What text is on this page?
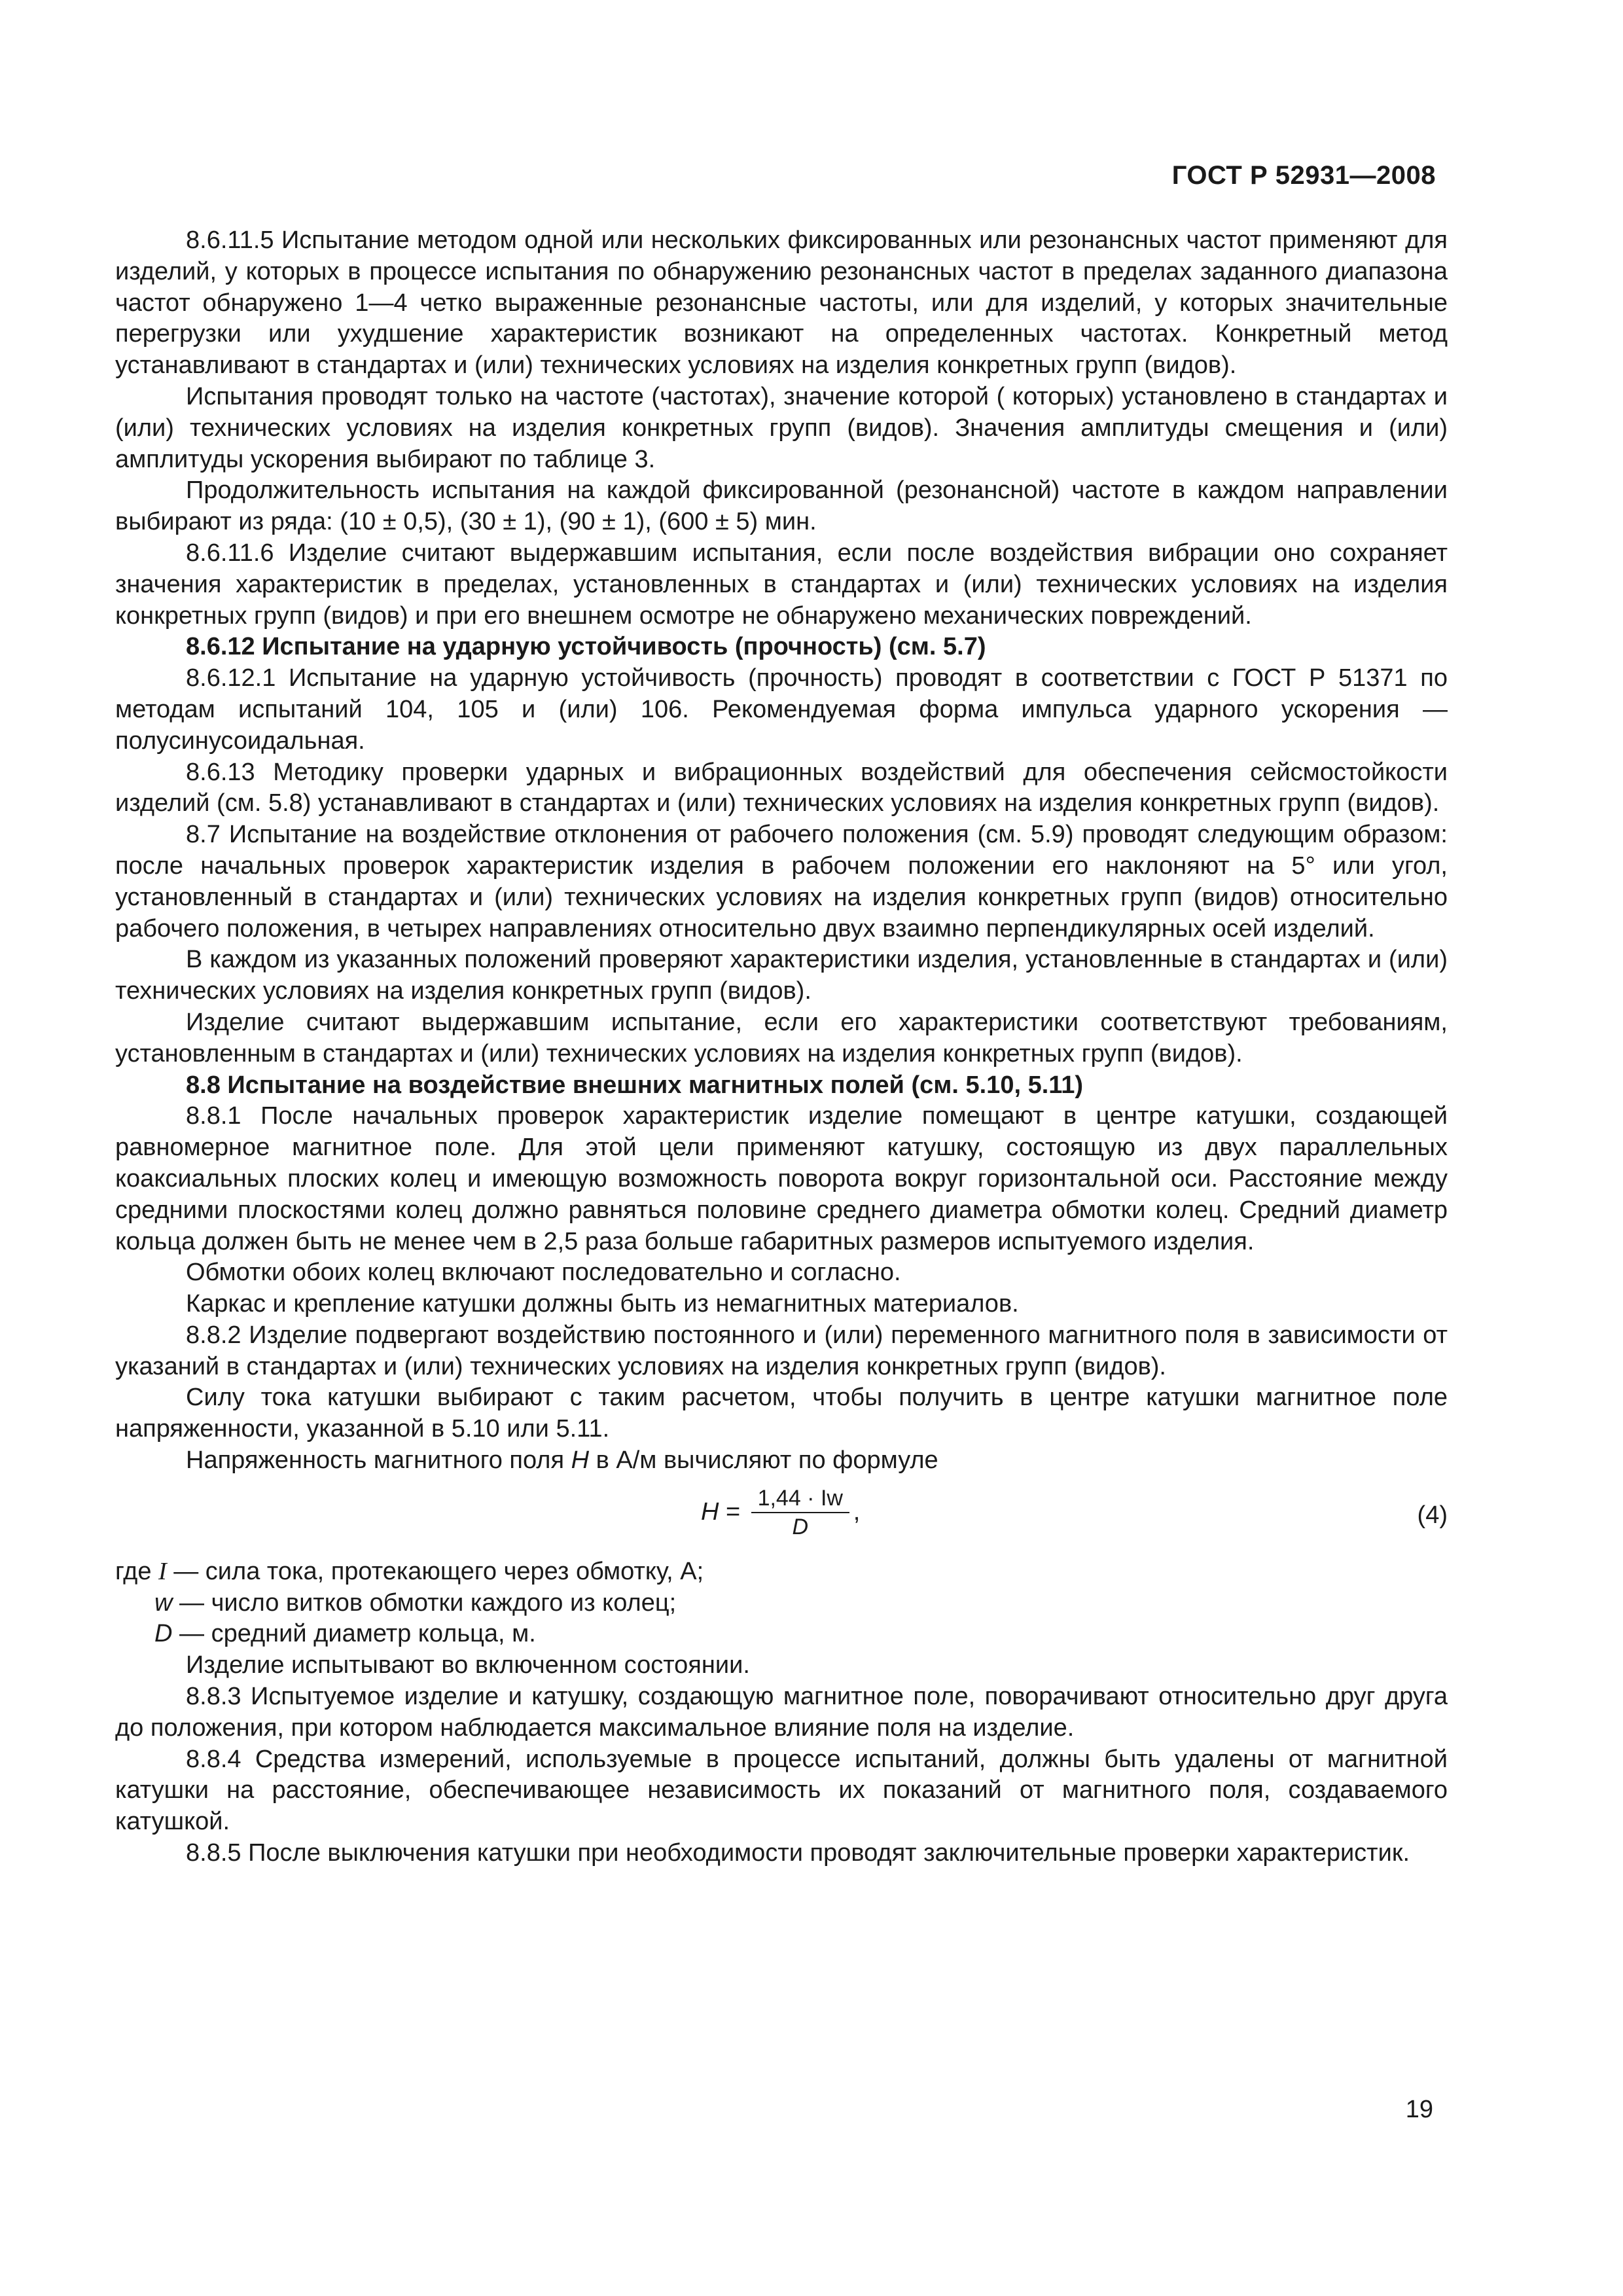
ГОСТ Р 52931—2008

8.6.11.5 Испытание методом одной или нескольких фиксированных или резонансных частот применяют для изделий, у которых в процессе испытания по обнаружению резонансных частот в пределах заданного диапазона частот обнаружено 1—4 четко выраженные резонансные частоты, или для изделий, у которых значительные перегрузки или ухудшение характеристик возникают на определенных частотах. Конкретный метод устанавливают в стандартах и (или) технических условиях на изделия конкретных групп (видов).

Испытания проводят только на частоте (частотах), значение которой ( которых) установлено в стандартах и (или) технических условиях на изделия конкретных групп (видов). Значения амплитуды смещения и (или) амплитуды ускорения выбирают по таблице 3.

Продолжительность испытания на каждой фиксированной (резонансной) частоте в каждом направлении выбирают из ряда: (10 ± 0,5), (30 ± 1), (90 ± 1), (600 ± 5) мин.

8.6.11.6 Изделие считают выдержавшим испытания, если после воздействия вибрации оно сохраняет значения характеристик в пределах, установленных в стандартах и (или) технических условиях на изделия конкретных групп (видов) и при его внешнем осмотре не обнаружено механических повреждений.

8.6.12 Испытание на ударную устойчивость (прочность) (см. 5.7)

8.6.12.1 Испытание на ударную устойчивость (прочность) проводят в соответствии с ГОСТ Р 51371 по методам испытаний 104, 105 и (или) 106. Рекомендуемая форма импульса ударного ускорения — полусинусоидальная.

8.6.13 Методику проверки ударных и вибрационных воздействий для обеспечения сейсмостойкости изделий (см. 5.8) устанавливают в стандартах и (или) технических условиях на изделия конкретных групп (видов).

8.7 Испытание на воздействие отклонения от рабочего положения (см. 5.9) проводят следующим образом: после начальных проверок характеристик изделия в рабочем положении его наклоняют на 5° или угол, установленный в стандартах и (или) технических условиях на изделия конкретных групп (видов) относительно рабочего положения, в четырех направлениях относительно двух взаимно перпендикулярных осей изделий.

В каждом из указанных положений проверяют характеристики изделия, установленные в стандартах и (или) технических условиях на изделия конкретных групп (видов).

Изделие считают выдержавшим испытание, если его характеристики соответствуют требованиям, установленным в стандартах и (или) технических условиях на изделия конкретных групп (видов).

8.8 Испытание на воздействие внешних магнитных полей (см. 5.10, 5.11)

8.8.1 После начальных проверок характеристик изделие помещают в центре катушки, создающей равномерное магнитное поле. Для этой цели применяют катушку, состоящую из двух параллельных коаксиальных плоских колец и имеющую возможность поворота вокруг горизонтальной оси. Расстояние между средними плоскостями колец должно равняться половине среднего диаметра обмотки колец. Средний диаметр кольца должен быть не менее чем в 2,5 раза больше габаритных размеров испытуемого изделия.

Обмотки обоих колец включают последовательно и согласно.

Каркас и крепление катушки должны быть из немагнитных материалов.

8.8.2 Изделие подвергают воздействию постоянного и (или) переменного магнитного поля в зависимости от указаний в стандартах и (или) технических условиях на изделия конкретных групп (видов).

Силу тока катушки выбирают с таким расчетом, чтобы получить в центре катушки магнитное поле напряженности, указанной в 5.10 или 5.11.

Напряженность магнитного поля H в А/м вычисляют по формуле

$H = \frac{1,44 \cdot Iw}{D}$ ,	(4)

где I — сила тока, протекающего через обмотку, А;

w — число витков обмотки каждого из колец;

D — средний диаметр кольца, м.

Изделие испытывают во включенном состоянии.

8.8.3 Испытуемое изделие и катушку, создающую магнитное поле, поворачивают относительно друг друга до положения, при котором наблюдается максимальное влияние поля на изделие.

8.8.4 Средства измерений, используемые в процессе испытаний, должны быть удалены от магнитной катушки на расстояние, обеспечивающее независимость их показаний от магнитного поля, создаваемого катушкой.

8.8.5 После выключения катушки при необходимости проводят заключительные проверки характеристик.

19
